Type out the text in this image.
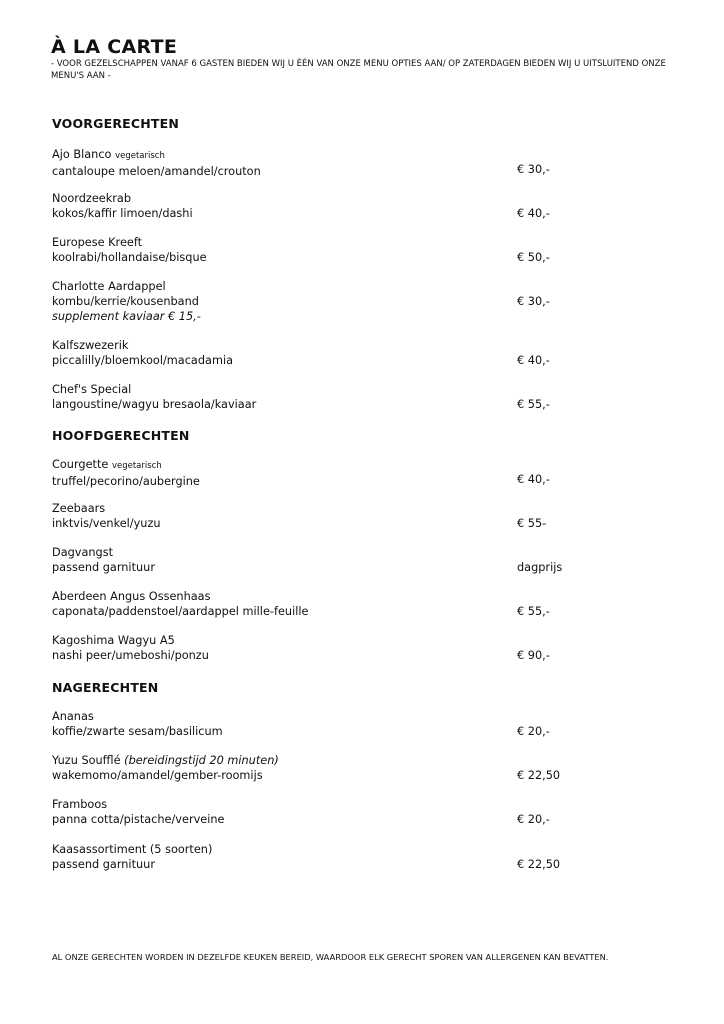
À LA CARTE
- VOOR GEZELSCHAPPEN VANAF 6 GASTEN BIEDEN WIJ U ÉÉN VAN ONZE MENU OPTIES AAN/ OP ZATERDAGEN BIEDEN WIJ U UITSLUITEND ONZE MENU'S AAN -
VOORGERECHTEN
Ajo Blanco vegetarisch
cantaloupe meloen/amandel/crouton	€ 30,-
Noordzeekrab
kokos/kaffir limoen/dashi	€ 40,-
Europese Kreeft
koolrabi/hollandaise/bisque	€ 50,-
Charlotte Aardappel
kombu/kerrie/kousenband
supplement kaviaar € 15,-
€ 30,-
Kalfszwezerik
piccalilly/bloemkool/macadamia	€ 40,-
Chef's Special
langoustine/wagyu bresaola/kaviaar	€ 55,-
HOOFDGERECHTEN
Courgette vegetarisch
truffel/pecorino/aubergine	€ 40,-
Zeebaars
inktvis/venkel/yuzu	€ 55-
Dagvangst
passend garnituur	dagprijs
Aberdeen Angus Ossenhaas
caponata/paddenstoel/aardappel mille-feuille	€ 55,-
Kagoshima Wagyu A5
nashi peer/umeboshi/ponzu	€ 90,-
NAGERECHTEN
Ananas
koffie/zwarte sesam/basilicum	€ 20,-
Yuzu Soufflé (bereidingstijd 20 minuten)
wakemomo/amandel/gember-roomijs	€ 22,50
Framboos
panna cotta/pistache/verveine	€ 20,-
Kaasassortiment (5 soorten)
passend garnituur	€ 22,50
AL ONZE GERECHTEN WORDEN IN DEZELFDE KEUKEN BEREID, WAARDOOR ELK GERECHT SPOREN VAN ALLERGENEN KAN BEVATTEN.
